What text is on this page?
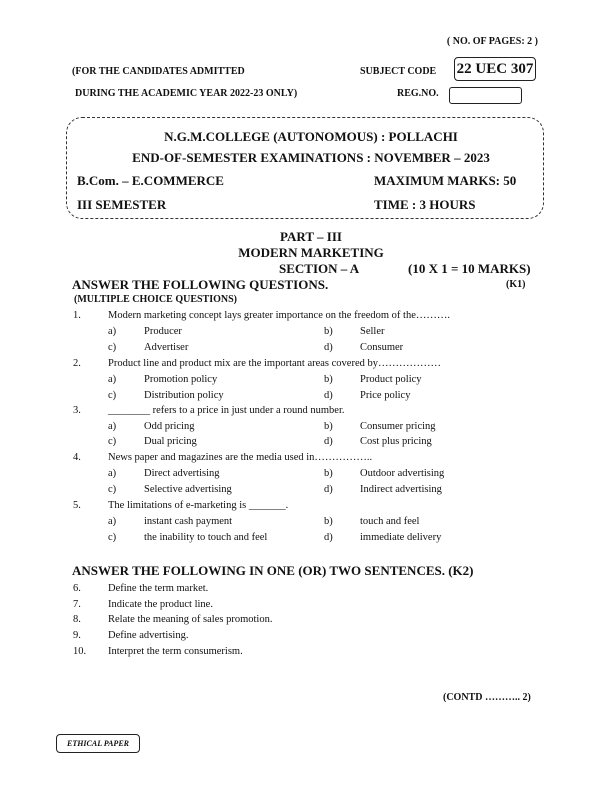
( NO. OF PAGES: 2 )
(FOR THE CANDIDATES ADMITTED
DURING THE ACADEMIC YEAR 2022-23 ONLY)
SUBJECT CODE 22 UEC 307
REG.NO.
N.G.M.COLLEGE (AUTONOMOUS) : POLLACHI
END-OF-SEMESTER EXAMINATIONS : NOVEMBER – 2023
B.Com. – E.COMMERCE	MAXIMUM MARKS: 50
III SEMESTER	TIME : 3 HOURS
PART – III
MODERN MARKETING
SECTION – A	(10 X 1 = 10 MARKS)
ANSWER THE FOLLOWING QUESTIONS.	(K1)
(MULTIPLE CHOICE QUESTIONS)
1.	Modern marketing concept lays greater importance on the freedom of the……….
a)	Producer	b)	Seller
c)	Advertiser	d)	Consumer
2.	Product line and product mix are the important areas covered by………………
a)	Promotion policy	b)	Product policy
c)	Distribution policy	d)	Price policy
3.	________ refers to a price in just under a round number.
a)	Odd pricing	b)	Consumer pricing
c)	Dual pricing	d)	Cost plus pricing
4.	News paper and magazines are the media used in……………..
a)	Direct advertising	b)	Outdoor advertising
c)	Selective advertising	d)	Indirect advertising
5.	The limitations of e-marketing is _______.
a)	instant cash payment	b)	touch and feel
c)	the inability to touch and feel	d)	immediate delivery
ANSWER THE FOLLOWING IN ONE (OR) TWO SENTENCES. (K2)
6.	Define the term market.
7.	Indicate the product line.
8.	Relate the meaning of sales promotion.
9.	Define advertising.
10. Interpret the term consumerism.
(CONTD ……….. 2)
ETHICAL PAPER
